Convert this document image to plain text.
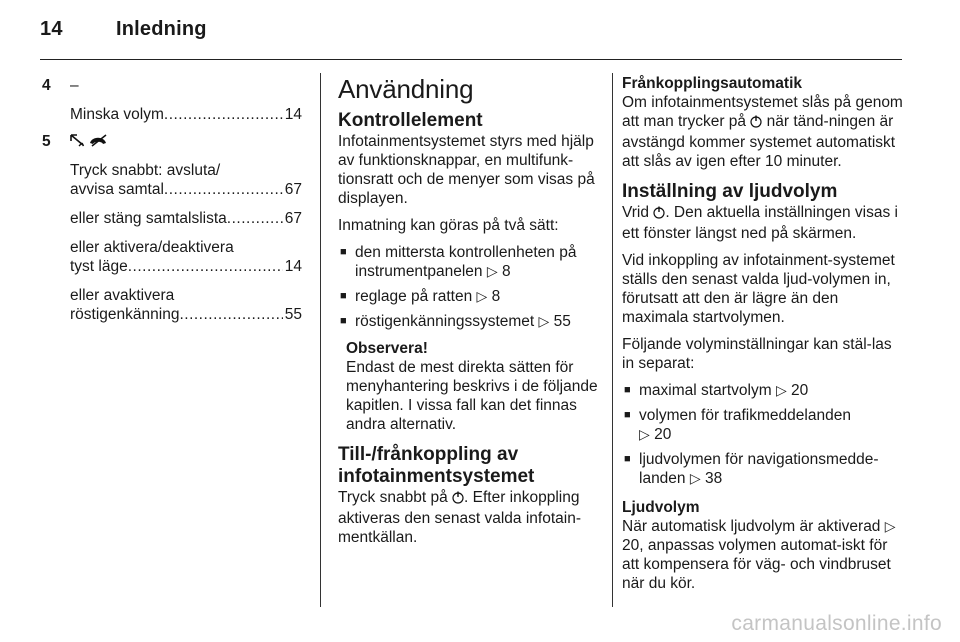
14	Inledning
4 –
Minska volym .....	14
5
Tryck snabbt: avsluta/
avvisa samtal .....	67
eller stäng samtalslista .....	67
eller aktivera/deaktivera
tyst läge .....	14
eller avaktivera
röstigenkänning .....	55
Användning
Kontrollelement

Infotainmentsystemet styrs med hjälp av funktionsknappar, en multifunk-tionsratt och de menyer som visas på displayen.

Inmatning kan göras på två sätt:

■ den mittersta kontrollenheten på instrumentpanelen ▷ 8
■ reglage på ratten ▷ 8
■ röstigenkänningssystemet ▷ 55
Observera!
Endast de mest direkta sätten för menyhantering beskrivs i de följande kapitlen. I vissa fall kan det finnas andra alternativ.
Till-/frånkoppling av
infotainmentsystemet

Tryck snabbt på . Efter inkoppling aktiveras den senast valda infotain-mentkällan.

Frånkopplingsautomatik

Om infotainmentsystemet slås på genom att man trycker på när tänd-ningen är avstängd kommer systemet automatiskt att slås av igen efter 10 minuter.

Inställning av ljudvolym

Vrid . Den aktuella inställningen visas i ett fönster längst ned på skärmen.

Vid inkoppling av infotainment-systemet ställs den senast valda ljud-volymen in, förutsatt att den är lägre än den maximala startvolymen.

Följande volyminställningar kan stäl-las in separat:

■ maximal startvolym ▷ 20
■ volymen för trafikmeddelanden
▷ 20
■ ljudvolymen för navigationsmedde-landen ▷ 38
Ljudvolym

När automatisk ljudvolym är aktiverad ▷ 20, anpassas volymen automat-iskt för att kompensera för väg- och vindbruset när du kör.

carmanualsonline.info
